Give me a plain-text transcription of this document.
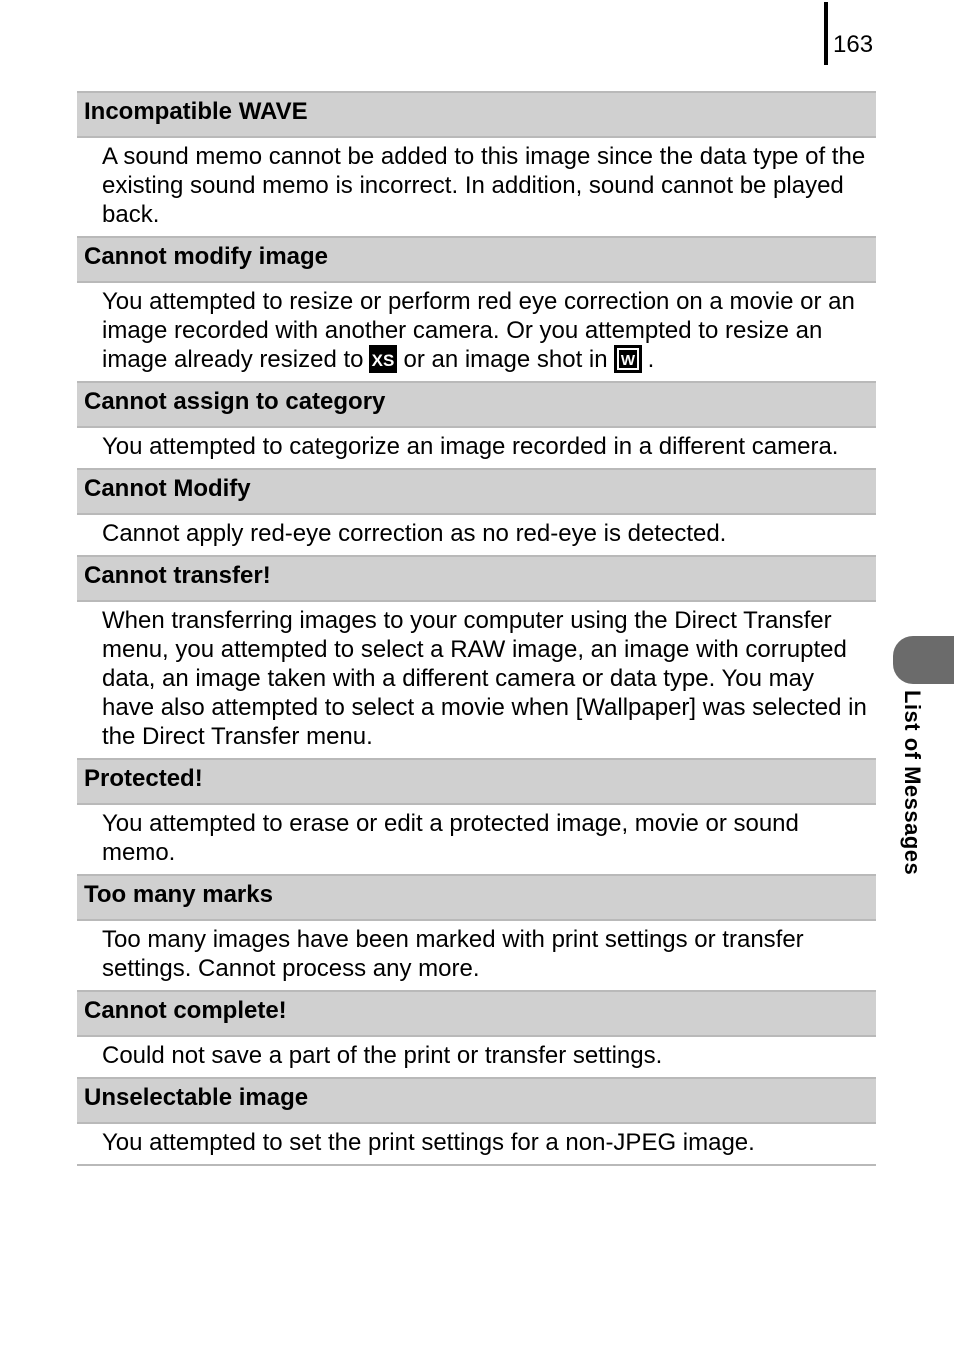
163
List of Messages
Incompatible WAVE
A sound memo cannot be added to this image since the data type of the existing sound memo is incorrect. In addition, sound cannot be played back.
Cannot modify image
You attempted to resize or perform red eye correction on a movie or an image recorded with another camera. Or you attempted to resize an image already resized to XS or an image shot in W .
Cannot assign to category
You attempted to categorize an image recorded in a different camera.
Cannot Modify
Cannot apply red-eye correction as no red-eye is detected.
Cannot transfer!
When transferring images to your computer using the Direct Transfer menu, you attempted to select a RAW image, an image with corrupted data, an image taken with a different camera or data type. You may have also attempted to select a movie when [Wallpaper] was selected in the Direct Transfer menu.
Protected!
You attempted to erase or edit a protected image, movie or sound memo.
Too many marks
Too many images have been marked with print settings or transfer settings. Cannot process any more.
Cannot complete!
Could not save a part of the print or transfer settings.
Unselectable image
You attempted to set the print settings for a non-JPEG image.
